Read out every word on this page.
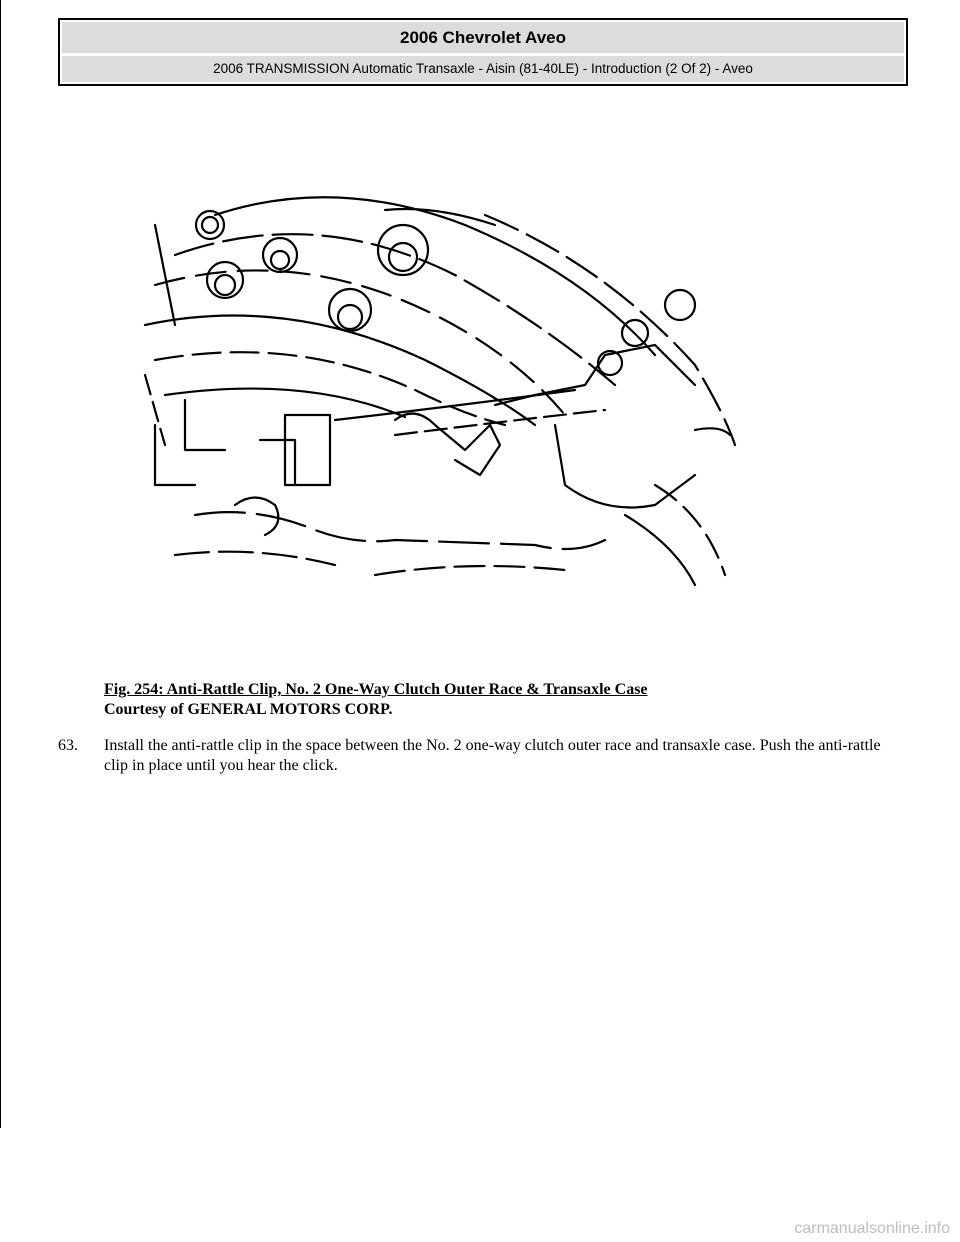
2006 Chevrolet Aveo
2006 TRANSMISSION Automatic Transaxle - Aisin (81-40LE) - Introduction (2 Of 2) - Aveo
Fig. 254: Anti-Rattle Clip, No. 2 One-Way Clutch Outer Race & Transaxle Case
Courtesy of GENERAL MOTORS CORP.
63. Install the anti-rattle clip in the space between the No. 2 one-way clutch outer race and transaxle case. Push the anti-rattle clip in place until you hear the click.
carmanualsonline.info
